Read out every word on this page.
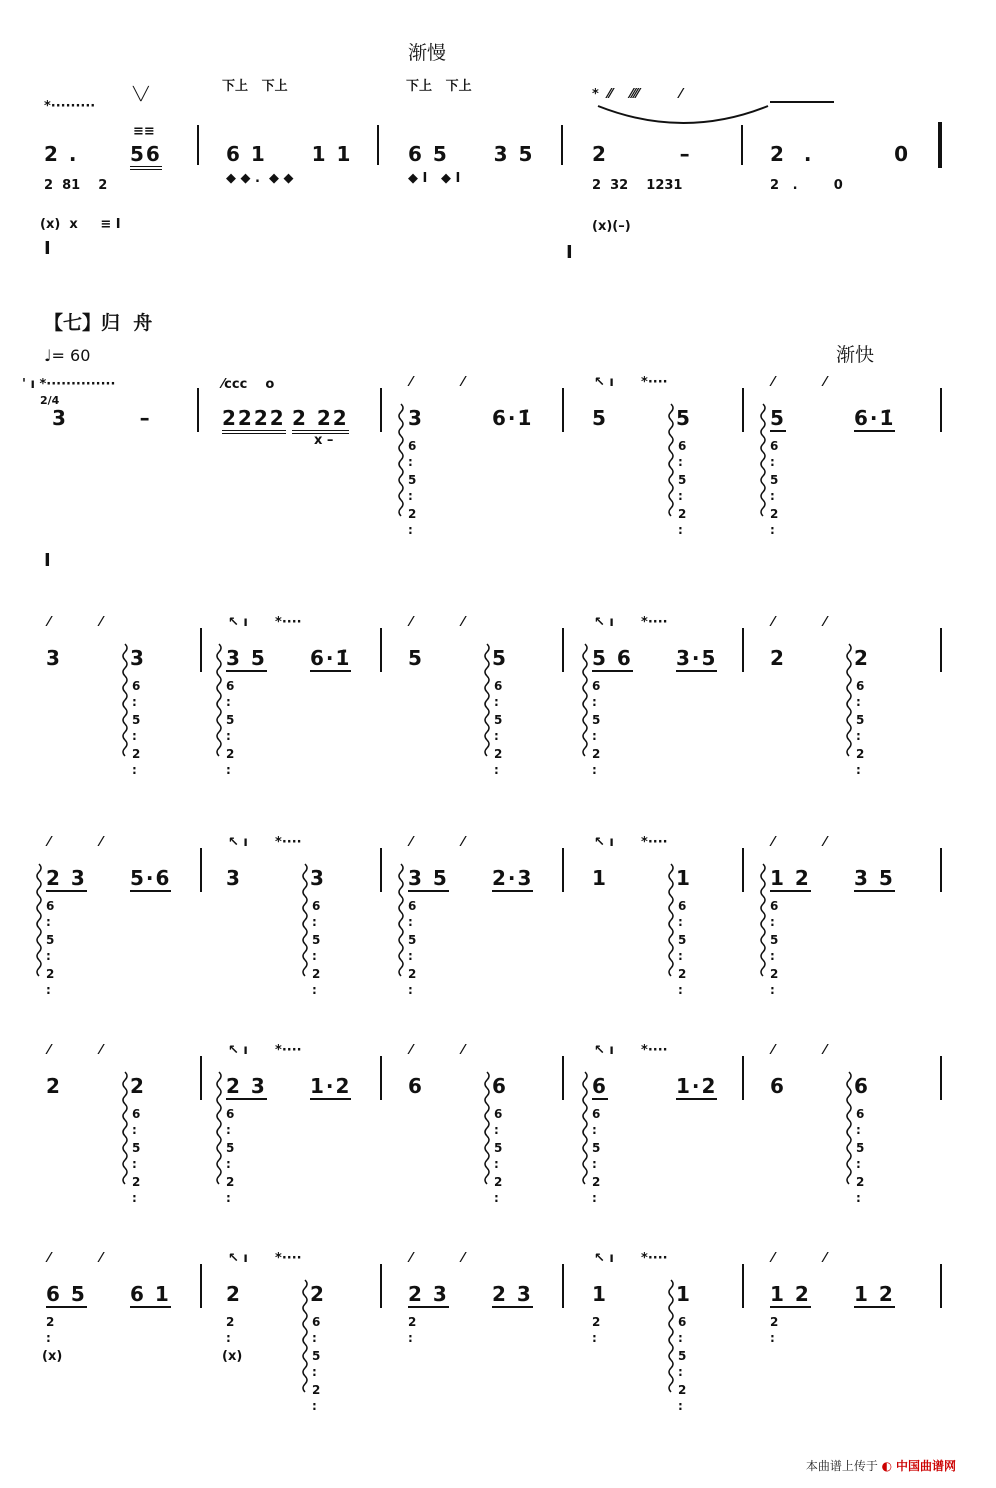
渐慢
*·········
╲╱
≡≡
2 .	56
2  81    2
(x)  x     ≡ I
I
下上   下上
6 1     1 1
◆ ◆ .  ◆ ◆
下上   下上
6 5     3 5
◆ I   ◆ I
*  ⁄⁄    ⁄⁄⁄⁄         ⁄
2        –
2  32    1231
(x)(–)
I
2  .         0
2   .        0
【七】归  舟
♩= 60	渐快
' ı *··············
2/4
3        –
I
⁄ccc    o
2222 2 22
x –
⁄           ⁄
3	6·1̇
6
:
5
:
2
:
↖ ı      *····
5	5
6
:
5
:
2
:
⁄           ⁄
5	6·1̇
6
:
5
:
2
:
⁄           ⁄
3	3
6
:
5
:
2
:
↖ ı      *····
3 5 6·1̇
6
:
5
:
2
:
⁄           ⁄
5	5
6
:
5
:
2
:
↖ ı      *····
5 6 3·5
6
:
5
:
2
:
⁄           ⁄
2	2
6
:
5
:
2
:
⁄           ⁄
2 3 5·6
6
:
5
:
2
:
↖ ı      *····
3	3
6
:
5
:
2
:
⁄           ⁄
3 5 2·3
6
:
5
:
2
:
↖ ı      *····
1	1
6
:
5
:
2
:
⁄           ⁄
1 2 3 5
6
:
5
:
2
:
⁄           ⁄
2	2
6
:
5
:
2
:
↖ ı      *····
2 3 1·2
6
:
5
:
2
:
⁄           ⁄
6	6
6
:
5
:
2
:
↖ ı      *····
6	1·2
6
:
5
:
2
:
⁄           ⁄
6	6
6
:
5
:
2
:
⁄           ⁄
6 5 6 1
2
:
(x)
↖ ı      *····
2	2
6
:
5
:
2
:
2
:
(x)
⁄           ⁄
2 3 2 3
2
:
↖ ı      *····
1	1
6
:
5
:
2
:
2
:
⁄           ⁄
1 2 1 2
2
:
本曲谱上传于 ◐ 中国曲谱网
